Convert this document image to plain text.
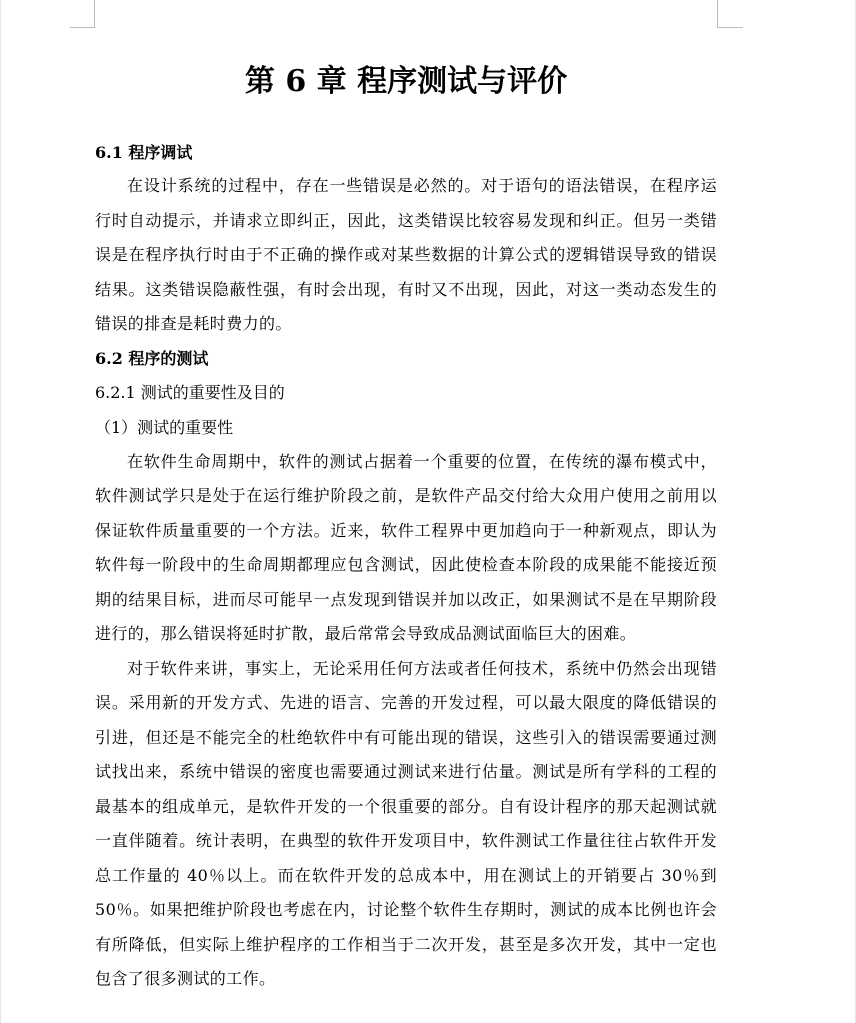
第 6 章 程序测试与评价
6.1 程序调试

在设计系统的过程中，存在一些错误是必然的。对于语句的语法错误，在程序运行时自动提示，并请求立即纠正，因此，这类错误比较容易发现和纠正。但另一类错误是在程序执行时由于不正确的操作或对某些数据的计算公式的逻辑错误导致的错误结果。这类错误隐蔽性强，有时会出现，有时又不出现，因此，对这一类动态发生的错误的排查是耗时费力的。

6.2 程序的测试
6.2.1 测试的重要性及目的
（1）测试的重要性

在软件生命周期中，软件的测试占据着一个重要的位置，在传统的瀑布模式中，软件测试学只是处于在运行维护阶段之前，是软件产品交付给大众用户使用之前用以保证软件质量重要的一个方法。近来，软件工程界中更加趋向于一种新观点，即认为软件每一阶段中的生命周期都理应包含测试，因此使检查本阶段的成果能不能接近预期的结果目标，进而尽可能早一点发现到错误并加以改正，如果测试不是在早期阶段进行的，那么错误将延时扩散，最后常常会导致成品测试面临巨大的困难。

对于软件来讲，事实上，无论采用任何方法或者任何技术，系统中仍然会出现错误。采用新的开发方式、先进的语言、完善的开发过程，可以最大限度的降低错误的引进，但还是不能完全的杜绝软件中有可能出现的错误，这些引入的错误需要通过测试找出来，系统中错误的密度也需要通过测试来进行估量。测试是所有学科的工程的最基本的组成单元，是软件开发的一个很重要的部分。自有设计程序的那天起测试就一直伴随着。统计表明，在典型的软件开发项目中，软件测试工作量往往占软件开发总工作量的 40％以上。而在软件开发的总成本中，用在测试上的开销要占 30％到 50％。如果把维护阶段也考虑在内，讨论整个软件生存期时，测试的成本比例也许会有所降低，但实际上维护程序的工作相当于二次开发，甚至是多次开发，其中一定也包含了很多测试的工作。
